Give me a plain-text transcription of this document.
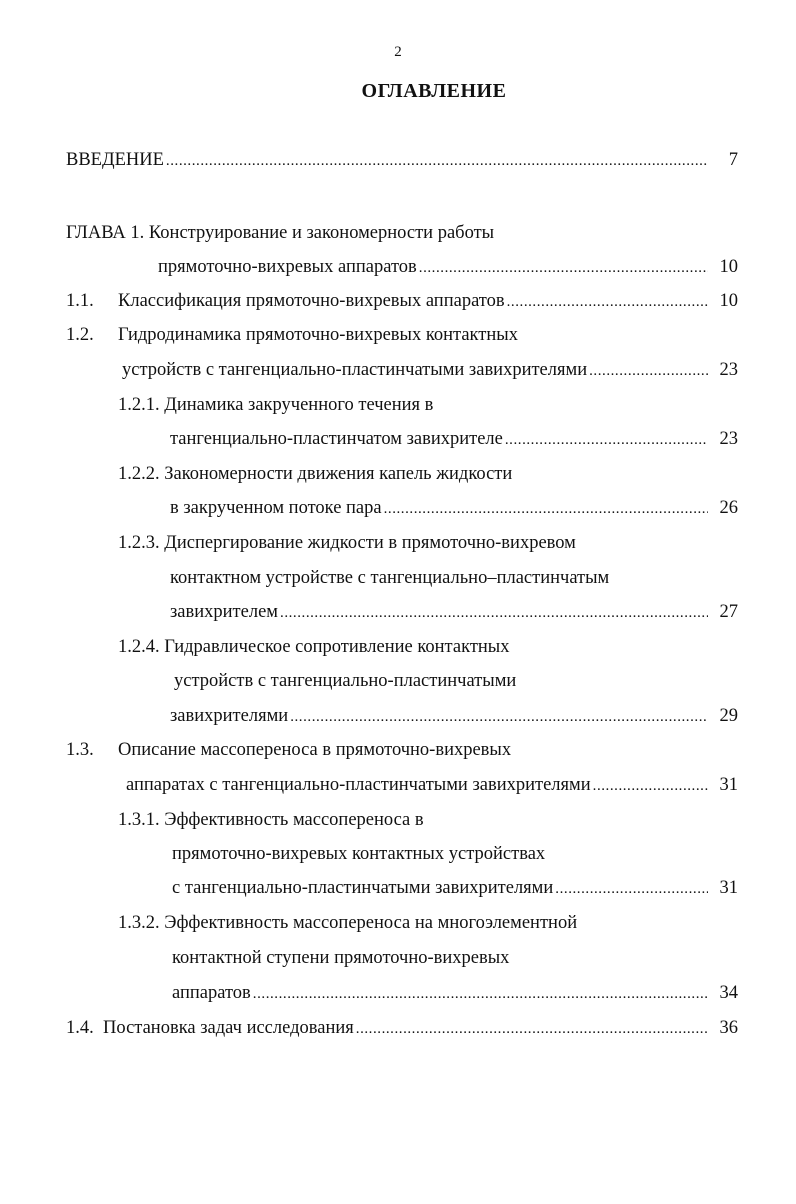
2
ОГЛАВЛЕНИЕ
ВВЕДЕНИЕ . . .	7
ГЛАВА 1. Конструирование и закономерности работы
прямоточно-вихревых аппаратов . . .	10
1.1. Классификация прямоточно-вихревых аппаратов . . .	10
1.2. Гидродинамика прямоточно-вихревых контактных
устройств с тангенциально-пластинчатыми завихрителями . . .	23
1.2.1. Динамика закрученного течения в
тангенциально-пластинчатом завихрителе . . .	23
1.2.2. Закономерности движения капель жидкости
в закрученном потоке пара . . .	26
1.2.3. Диспергирование жидкости в прямоточно-вихревом
контактном устройстве с тангенциально–пластинчатым
завихрителем . . .	27
1.2.4. Гидравлическое сопротивление контактных
устройств с тангенциально-пластинчатыми
завихрителями . . .	29
1.3. Описание массопереноса в прямоточно-вихревых
аппаратах с тангенциально-пластинчатыми завихрителями . . .	31
1.3.1. Эффективность массопереноса в
прямоточно-вихревых контактных устройствах
с тангенциально-пластинчатыми завихрителями . . .	31
1.3.2. Эффективность массопереноса на многоэлементной
контактной ступени прямоточно-вихревых
аппаратов . . .	34
1.4.  Постановка задач исследования . . .	36
